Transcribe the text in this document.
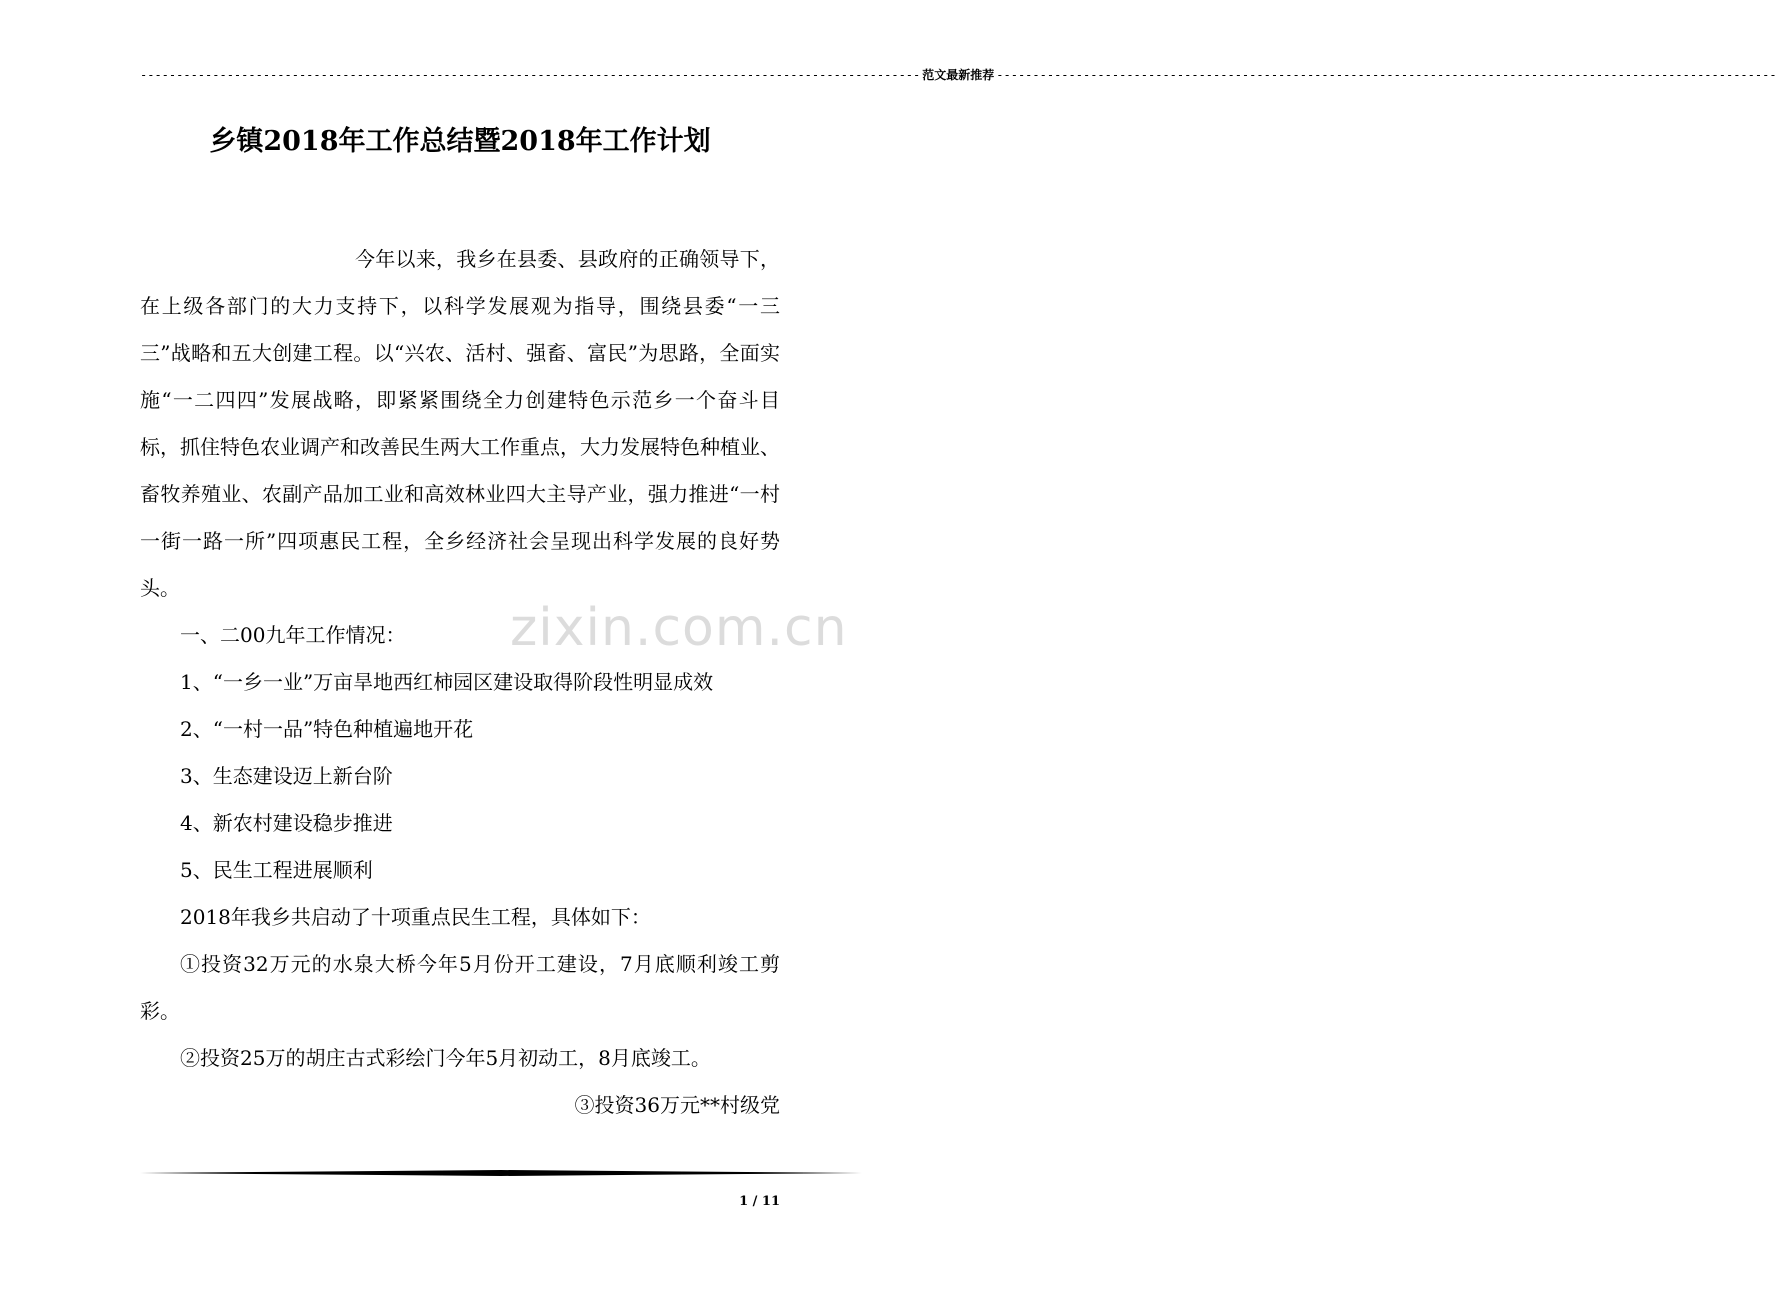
------------------------------------------------------------------------------------------------------------ 范文最新推荐 ------------------------------------------------------------------------------------------------------------
乡镇2018年工作总结暨2018年工作计划

今年以来，我乡在县委、县政府的正确领导下，在上级各部门的大力支持下，以科学发展观为指导，围绕县委“一三三”战略和五大创建工程。以“兴农、活村、强畜、富民”为思路，全面实施“一二四四”发展战略，即紧紧围绕全力创建特色示范乡一个奋斗目标，抓住特色农业调产和改善民生两大工作重点，大力发展特色种植业、畜牧养殖业、农副产品加工业和高效林业四大主导产业，强力推进“一村一街一路一所”四项惠民工程，全乡经济社会呈现出科学发展的良好势头。

一、二00九年工作情况：

1、“一乡一业”万亩旱地西红柿园区建设取得阶段性明显成效

2、“一村一品”特色种植遍地开花

3、生态建设迈上新台阶

4、新农村建设稳步推进

5、民生工程进展顺利

2018年我乡共启动了十项重点民生工程，具体如下：

①投资32万元的水泉大桥今年5月份开工建设，7月底顺利竣工剪彩。

②投资25万的胡庄古式彩绘门今年5月初动工，8月底竣工。

③投资36万元**村级党

zixin.com.cn
1 / 11
